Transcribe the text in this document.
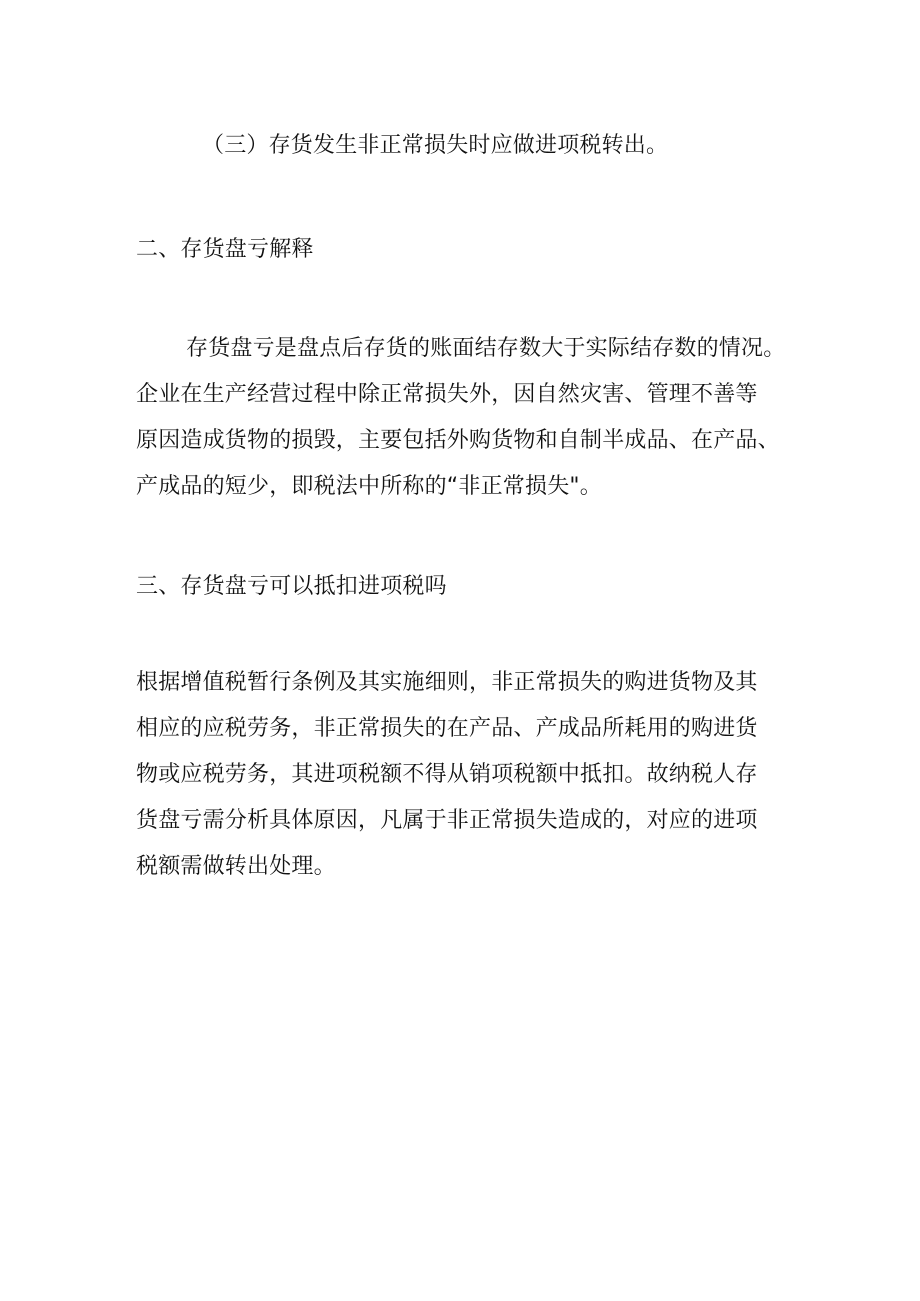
（三）存货发生非正常损失时应做进项税转出。
二、存货盘亏解释
存货盘亏是盘点后存货的账面结存数大于实际结存数的情况。
企业在生产经营过程中除正常损失外，因自然灾害、管理不善等
原因造成货物的损毁，主要包括外购货物和自制半成品、在产品、
产成品的短少，即税法中所称的“非正常损失"。
三、存货盘亏可以抵扣进项税吗
根据增值税暂行条例及其实施细则，非正常损失的购进货物及其
相应的应税劳务，非正常损失的在产品、产成品所耗用的购进货
物或应税劳务，其进项税额不得从销项税额中抵扣。故纳税人存
货盘亏需分析具体原因，凡属于非正常损失造成的，对应的进项
税额需做转出处理。
